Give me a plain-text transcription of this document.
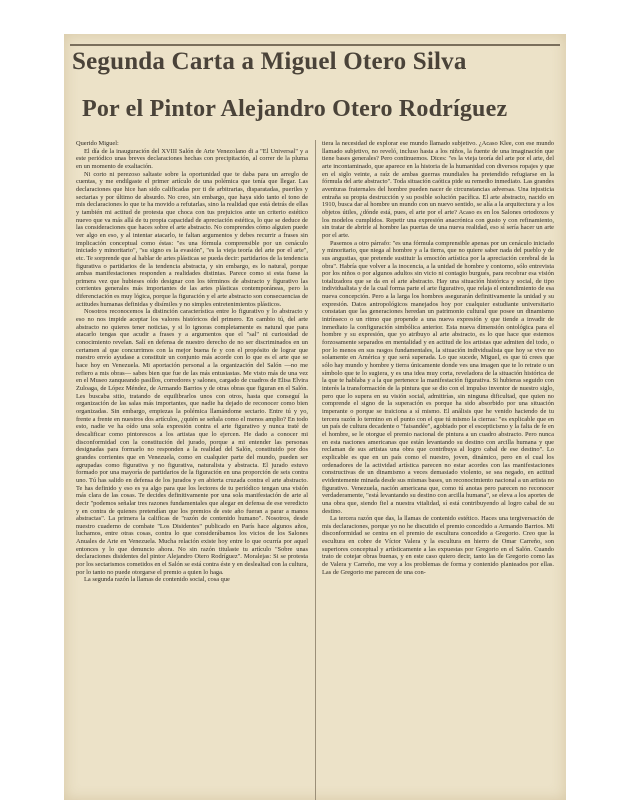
Segunda Carta a Miguel Otero Silva
Por el Pintor Alejandro Otero Rodríguez

Querido Miguel:

El día de la inauguración del XVIII Salón de Arte Venezolano di a "El Universal" y a este periódico unas breves declaraciones hechas con precipitación, al correr de la pluma en un momento de exaltación.

Ni corto ni perezoso saltaste sobre la oportunidad que te daba para un arreglo de cuentas, y me endilgaste el primer artículo de una polémica que tenía que llegar. Las declaraciones que hice han sido calificadas por ti de arbitrarias, disparatadas, pueriles y sectarias y por último de absurdo. No creo, sin embargo, que haya sido tanto el tono de mis declaraciones lo que te ha movido a refutarlas, sino la realidad que está detrás de ellas y también mi actitud de protesta que choca con tus prejuicios ante un criterio estético nuevo que va más allá de tu propia capacidad de apreciación estética, lo que se deduce de las consideraciones que haces sobre el arte abstracto. No comprendes cómo alguien puede ver algo en eso, y al intentar atacarlo, te faltan argumentos y debes recurrir a frases sin implicación conceptual como éstas: "es una fórmula comprensible por un cenáculo iniciado y minoritario", "su signo es la evasión", "es la vieja teoría del arte por el arte", etc. Te sorprende que al hablar de artes plásticas se pueda decir: partidarios de la tendencia figurativa o partidarios de la tendencia abstracta, y sin embargo, es lo natural, porque ambas manifestaciones responden a realidades distintas. Parece como si esta fuese la primera vez que hubieses oído designar con los términos de abstracto y figurativo las corrientes generales más importantes de las artes plásticas contemporáneas, pero la diferenciación es muy lógica, porque la figuración y el arte abstracto son consecuencias de actitudes humanas definidas y disímiles y no simples entretenimientos plásticos.

Nosotros reconocemos la distinción característica entre lo figurativo y lo abstracto y eso no nos impide aceptar los valores históricos del primero. En cambio tú, del arte abstracto no quieres tener noticias, y si lo ignoras completamente es natural que para atacarlo tengas que acudir a frases y a argumentos que el "sal" ni curiosidad de conocimiento revelan. Salí en defensa de nuestro derecho de no ser discriminados en un certamen al que concurrimos con la mejor buena fe y con el propósito de lograr que nuestro envío ayudase a constituir un conjunto más acorde con lo que es el arte que se hace hoy en Venezuela. Mi aportación personal a la organización del Salón —no me refiero a mis obras— sabes bien que fue de las más entusiastas. Me visto más de una vez en el Museo zanqueando pasillos, corredores y salones, cargado de cuadros de Elisa Elvira Zuloaga, de López Méndez, de Armando Barrios y de otras obras que figuran en el Salón. Les buscaba sitio, tratando de equilibrarlos unos con otros, hasta que conseguí la organización de las salas más importantes, que nadie ha dejado de reconocer como bien organizadas. Sin embargo, empiezas la polémica llamándome sectario. Entre tú y yo, frente a frente en nuestros dos artículos, ¿quién se señala como el menos amplio? En todo esto, nadie ve ha oído una sola expresión contra el arte figurativo y nunca traté de descalificar como pintorescos a los artistas que lo ejercen. He dado a conocer mi disconformidad con la constitución del jurado, porque a mi entender las personas designadas para formarlo no responden a la realidad del Salón, constituido por dos grandes corrientes que en Venezuela, como en cualquier parte del mundo, pueden ser agrupadas como figurativa y no figurativa, naturalista y abstracta. El jurado estuvo formado por una mayoría de partidarios de la figuración en una proporción de seis contra uno. Tú has salido en defensa de los jurados y en abierta cruzada contra el arte abstracto. Te has definido y eso es ya algo para que los lectores de tu periódico tengan una visión más clara de las cosas. Te decides definitivamente por una sola manifestación de arte al decir "podemos señalar tres razones fundamentales que alegar en defensa de ese veredicto y en contra de quienes pretendían que los premios de este año fueran a parar a manos abstractas". La primera la calificas de "razón de contenido humano". Nosotros, desde nuestro cuaderno de combate "Los Disidentes" publicado en París hace algunos años, luchamos, entre otras cosas, contra lo que considerábamos los vicios de los Salones Anuales de Arte en Venezuela. Mucha relación existe hoy entre lo que ocurría por aquel entonces y lo que denuncio ahora. No sin razón titulaste tu artículo "Sobre unas declaraciones disidentes del pintor Alejandro Otero Rodríguez". Moralejas: Si se protesta por los sectarismos cometidos en el Salón se está contra éste y en deslealtad con la cultura, por lo tanto no puede otorgarse el premio a quien lo haga.

La segunda razón la llamas de contenido social, cosa que

tiera la necesidad de explorar ese mundo llamado subjetivo. ¿Acaso Klee, con ese mundo llamado subjetivo, no reveló, incluso hasta a los niños, la fuente de una imaginación que tiene bases generales? Pero continuemos. Dices: "es la vieja teoría del arte por el arte, del arte incontaminado, que aparece en la historia de la humanidad con diversos ropajes y que en el siglo veinte, a raíz de ambas guerras mundiales ha pretendido refugiarse en la fórmula del arte abstracto". Toda situación caótica pide su remedio inmediato. Las grandes aventuras fraternales del hombre pueden nacer de circunstancias adversas. Una injusticia entraña su propia destrucción y su posible solución pacífica. El arte abstracto, nacido en 1910, busca dar al hombre un mundo con un nuevo sentido, se alía a la arquitectura y a los objetos útiles, ¿dónde está, pues, el arte por el arte? Acaso es en los Salones ortodoxos y los modelos cumplidos. Repetir una expresión anacrónica con gusto y con refinamiento, sin tratar de abrirle al hombre las puertas de una nueva realidad, eso sí sería hacer un arte por el arte.

Pasemos a otro párrafo: "es una fórmula comprensible apenas por un cenáculo iniciado y minoritario, que niega al hombre y a la tierra, que no quiere saber nada del pueblo y de sus angustias, que pretende sustituir la emoción artística por la apreciación cerebral de la obra". Habría que volver a la inocencia, a la unidad de hombre y contorno, sólo entrevista por los niños o por algunos adultos sin vicio ni contagio burgués, para recobrar esa visión totalizadora que se da en el arte abstracto. Hay una situación histórica y social, de tipo individualista y de la cual forma parte el arte figurativo, que relaja el entendimiento de esa nueva concepción. Pero a la larga los hombres asegurarán definitivamente la unidad y su expresión. Datos antropológicos manejados hoy por cualquier estudiante universitario constatan que las generaciones heredan un patrimonio cultural que posee un dinamismo intrínseco o un ritmo que propende a una nueva expresión y que tiende a invadir de inmediato la configuración simbólica anterior. Esta nueva dimensión ontológica para el hombre y su expresión, que yo atribuyo al arte abstracto, es lo que hace que estemos forzosamente separados en mentalidad y en actitud de los artistas que admiten del todo, o por lo menos en sus rasgos fundamentales, la situación individualista que hoy se vive no solamente en América y que será superada. Lo que sucede, Miguel, es que tú crees que sólo hay mundo y hombre y tierra únicamente donde ves una imagen que te lo retrate o un símbolo que te lo sugiera, y es una idea muy corta, reveladora de la situación histórica de la que te hablaba y a la que pertenece la manifestación figurativa. Si hubieras seguido con interés la transformación de la pintura que se dio con el impulso inventor de nuestro siglo, pero que lo supera en su visión social, admitirías, sin ninguna dificultad, que quien no comprende el signo de la superación es porque ha sido absorbido por una situación imperante o porque se traiciona a sí mismo. El análisis que he venido haciendo de tu tercera razón lo termino en el punto con el que tú mismo la cierras: "es explicable que en un país de cultura decadente o "faisandée", agobiado por el escepticismo y la falta de fe en el hombre, se le otorgue el premio nacional de pintura a un cuadro abstracto. Pero nunca en esta naciones americanas que están levantando su destino con arcilla humana y que reclaman de sus artistas una obra que contribuya al logro cabal de ese destino". Lo explicable es que en un país como el nuestro, joven, dinámico, pero en el cual los ordenadores de la actividad artística parecen no estar acordes con las manifestaciones constructivas de un dinamismo a veces demasiado violento, se sea negado, en actitud evidentemente minada desde sus mismas bases, un reconocimiento nacional a un artista no figurativo. Venezuela, nación americana que, como tú anotas pero parecen no reconocer verdaderamente, "está levantando su destino con arcilla humana", se eleva a los aportes de una obra que, siendo fiel a nuestra vitalidad, sí está contribuyendo al logro cabal de su destino.

La tercera razón que das, la llamas de contenido estético. Haces una tergiversación de mis declaraciones, porque yo no he discutido el premio concedido a Armando Barrios. Mi disconformidad se centra en el premio de escultura concedido a Gregorio. Creo que la escultura en cobre de Víctor Valera y la escultura en hierro de Omar Carreño, son superiores conceptual y artísticamente a las expuestas por Gregorio en el Salón. Cuando trato de cotejar obras buenas, y en este caso quiero decir, tanto las de Gregorio como las de Valera y Carreño, me voy a los problemas de forma y contenido planteados por ellas. Las de Gregorio me parecen de una con-
